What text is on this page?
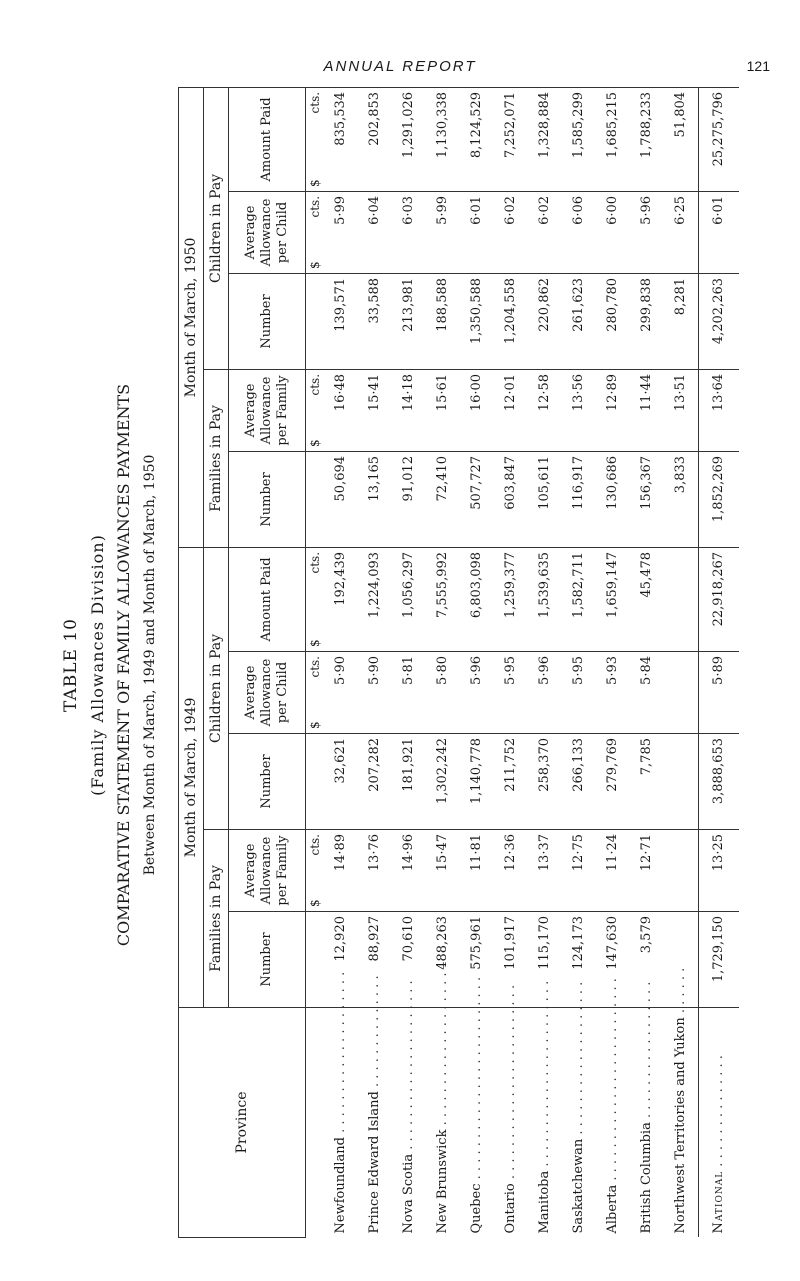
ANNUAL REPORT	121
TABLE 10 (Family Allowances Division) COMPARATIVE STATEMENT OF FAMILY ALLOWANCES PAYMENTS Between Month of March, 1949 and Month of March, 1950
Province	Month of March, 1949					Month of March, 1950				
	Families in Pay		Children in Pay			Families in Pay		Children in Pay		
	Number	Average Allowance per Family	Number	Average Allowance per Child	Amount Paid	Number	Average Allowance per Family	Number	Average Allowance per Child	Amount Paid

		$
cts.		$
cts.	$
cts.		$
cts.		$
cts.	$
cts.

Newfoundland . . . . . . . . . . . . . . . . . . . .	12,920	14·89	32,621	5·90	192,439	50,694	16·48	139,571	5·99	835,534
Prince Edward Island . . . . . . . . . . . . . .	88,927	13·76	207,282	5·90	1,224,093	13,165	15·41	33,588	6·04	202,853
Nova Scotia . . . . . . . . . . . . . . . . . . . . .	70,610	14·96	181,921	5·81	1,056,297	91,012	14·18	213,981	6·03	1,291,026
New Brunswick . . . . . . . . . . . . . . . . . . .	488,263	15·47	1,302,242	5·80	7,555,992	72,410	15·61	188,588	5·99	1,130,338
Quebec . . . . . . . . . . . . . . . . . . . . . . . . .	575,961	11·81	1,140,778	5·96	6,803,098	507,727	16·00	1,350,588	6·01	8,124,529
Ontario . . . . . . . . . . . . . . . . . . . . . . . .	101,917	12·36	211,752	5·95	1,259,377	603,847	12·01	1,204,558	6·02	7,252,071
Manitoba . . . . . . . . . . . . . . . . . . . . . . .	115,170	13·37	258,370	5·96	1,539,635	105,611	12·58	220,862	6·02	1,328,884
Saskatchewan . . . . . . . . . . . . . . . . . . .	124,173	12·75	266,133	5·95	1,582,711	116,917	13·56	261,623	6·06	1,585,299
Alberta . . . . . . . . . . . . . . . . . . . . . . . . .	147,630	11·24	279,769	5·93	1,659,147	130,686	12·89	280,780	6·00	1,685,215
British Columbia . . . . . . . . . . . . . . . . .	3,579	12·71	7,785	5·84	45,478	156,367	11·44	299,838	5·96	1,788,233
Northwest Territories and Yukon . . . . . .						3,833	13·51	8,281	6·25	51,804
National . . . . . . . . . . . . . .	1,729,150	13·25	3,888,653	5·89	22,918,267	1,852,269	13·64	4,202,263	6·01	25,275,796
